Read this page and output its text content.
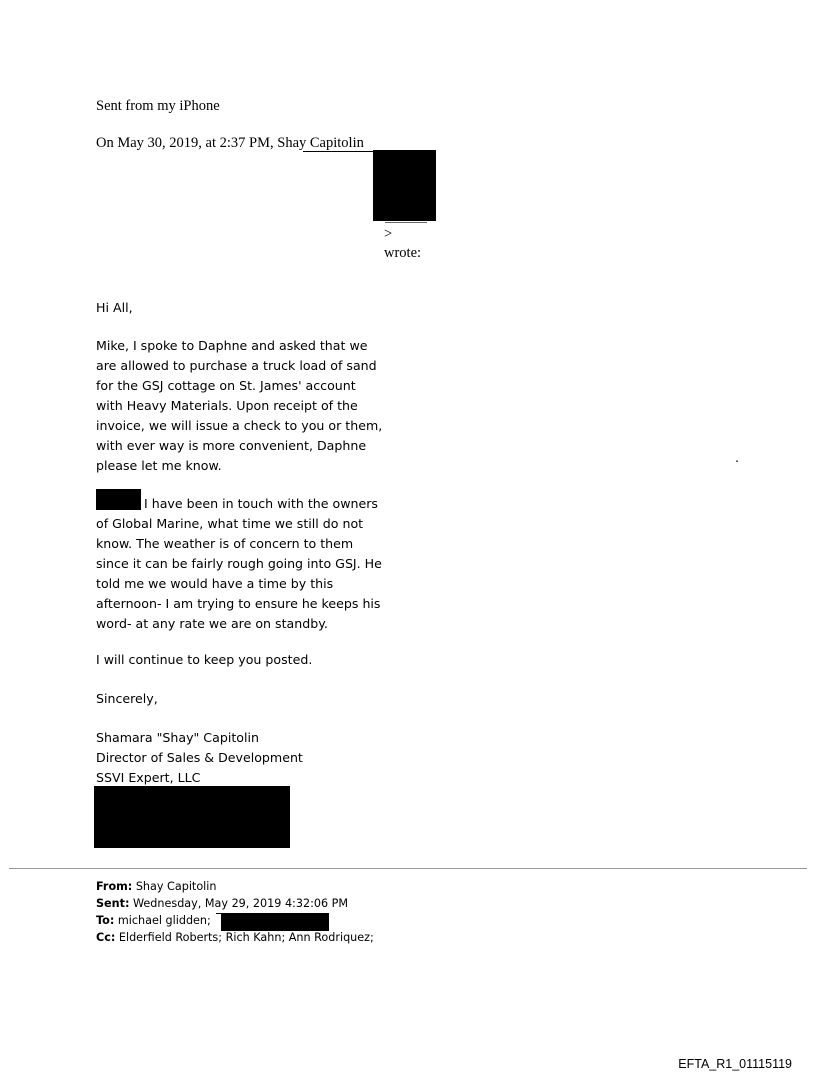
Sent from my iPhone
On May 30, 2019, at 2:37 PM, Shay Capitolin
>
wrote:
Hi All,
Mike, I spoke to Daphne and asked that we
are allowed to purchase a truck load of sand
for the GSJ cottage on St. James' account
with Heavy Materials. Upon receipt of the
invoice, we will issue a check to you or them,
with ever way is more convenient, Daphne
please let me know.
I have been in touch with the owners
of Global Marine, what time we still do not
know. The weather is of concern to them
since it can be fairly rough going into GSJ. He
told me we would have a time by this
afternoon- I am trying to ensure he keeps his
word- at any rate we are on standby.
I will continue to keep you posted.
Sincerely,
Shamara "Shay" Capitolin
Director of Sales & Development
SSVI Expert, LLC
.
From: Shay Capitolin
Sent: Wednesday, May 29, 2019 4:32:06 PM
To: michael glidden;
Cc: Elderfield Roberts; Rich Kahn; Ann Rodriquez;
EFTA_R1_01115119
